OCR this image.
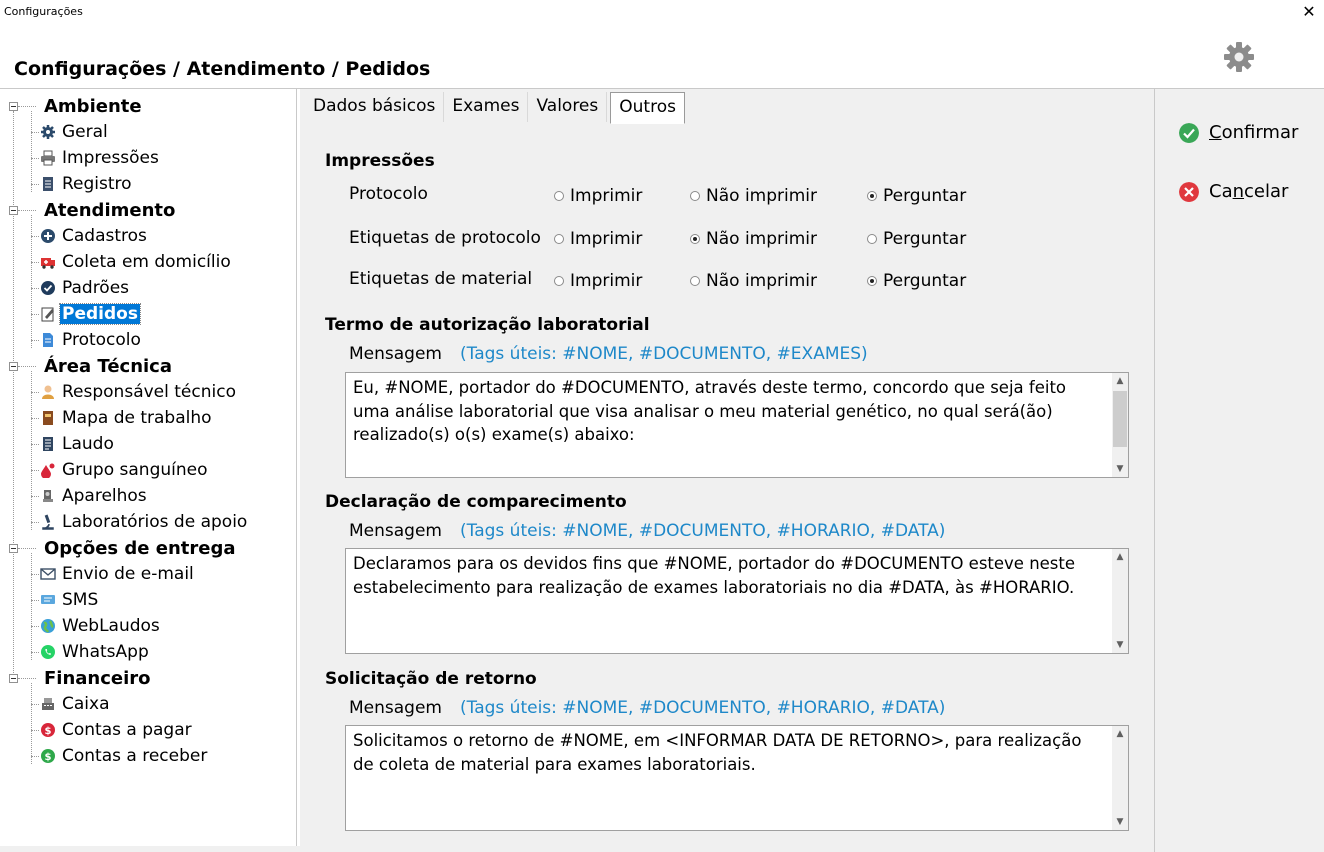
Configurações	✕
Configurações / Atendimento / Pedidos
Ambiente
Geral
Impressões
Registro
Atendimento
Cadastros
Coleta em domicílio
Padrões
Pedidos
Protocolo
Área Técnica
Responsável técnico
Mapa de trabalho
Laudo
Grupo sanguíneo
Aparelhos
Laboratórios de apoio
Opções de entrega
Envio de e-mail
SMS
WebLaudos
WhatsApp
Financeiro
Caixa
$ Contas a pagar
$ Contas a receber
Dados básicos	Exames	Valores	Outros
Impressões
Protocolo	Imprimir	Não imprimir	Perguntar
Etiquetas de protocolo Imprimir	Não imprimir	Perguntar
Etiquetas de material Imprimir	Não imprimir	Perguntar
Termo de autorização laboratorial
Mensagem (Tags úteis: #NOME, #DOCUMENTO, #EXAMES)
Eu, #NOME, portador do #DOCUMENTO, através deste termo, concordo que seja feito
uma análise laboratorial que visa analisar o meu material genético, no qual será(ão)
realizado(s) o(s) exame(s) abaixo:
▲
▼
Declaração de comparecimento
Mensagem (Tags úteis: #NOME, #DOCUMENTO, #HORARIO, #DATA)
Declaramos para os devidos fins que #NOME, portador do #DOCUMENTO esteve neste
estabelecimento para realização de exames laboratoriais no dia #DATA, às #HORARIO.
▲
▼
Solicitação de retorno
Mensagem (Tags úteis: #NOME, #DOCUMENTO, #HORARIO, #DATA)
Solicitamos o retorno de #NOME, em <INFORMAR DATA DE RETORNO>, para realização
de coleta de material para exames laboratoriais.
▲
▼
Confirmar
Cancelar
